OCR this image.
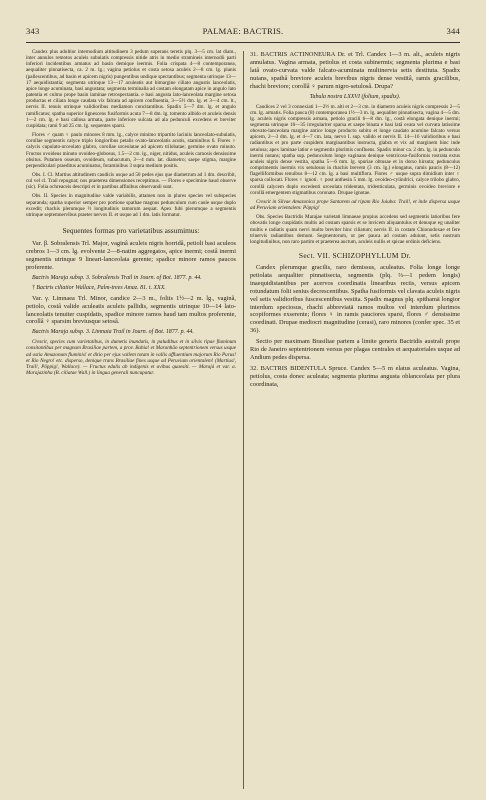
343	PALMAE: BACTRIS.	344

Caudex plus adultior internodium altitudinem 3 pedum superans teretis plq. 3—5 cm. lat diam., inter annulos remotos aculeis subulatis compressis nitide atris in medio stramineis internodii parti inferiori incidentibus armatus ad basin demique leermis. Folia crispata 4—8 contemporanea, aequaliter pinnatisecta, ca. 2 m. lg.; vagina petiolus et costa setosa aculeis 2—8 cm. lg. planis (pallescentibus, ad basin et apicem nigris) pungentibus undique spectantibus; segmenta utrinque 13—17 aequidistantia; segmenta utrinque 13—17 aculeatis aut bimargine ciliato angustis lanceolatis, apice longe acuminata, basi angustata; segmenta terminalia ad costam elongatam apice in angulo lato patentia et culmo prope basin laminae retrospectantia. e basi angusta lato-lanceolata margine setosa productas et ciliata longe caudata vix falcata ad apicem confluentia, 3—5½ dm. lg. et 3—4 cm. lt., nervis II. tenuis utrinque validioribus mediamon concitantibus. Spadix 5—7 dm. lg. et angulo ramificatus; spatha superior lignescens fusiformis acuta 7—8 dm. lg. tomento albido et aculeis densis 1—2 cm. lg. e basi callosa armata, parte inferiore sulcata ad ala pedunculi excedens et breviter cuspidata; rami 9 ad 25 cm. lg. sequentes sparsi.

Flores ♂ quam ♀ paulo minores 8 mm. lg., calyce minimo tripartito laciniis lanceolato-subulatis, corollae segmentis calyce triplo longioribus petalis ovato-lanceolatis acutis, staminibus 6. Flores ♀ calycis cupulato-urceolato glabro, corollae urceolatae ad apicem trilobatae; germine ovato minuto. Fructus ovoideus minuto ovoideo-globosus, 1.5—2 cm. lg., niger, nitidus, aculeis carnosis densissime obsitus. Putamen osseum, ovoideum, subacutum, 3—4 mm. lat. diametro; saepe stigma, margine perpendiculari praeditus acuminatus, foraminibus 3 supra medium positis.

Obs. I. Cl. Martius altitudinem caudicis usque ad 50 pedes ejus que diametrum ad 1 dm. describit, cul vel cl. Trail repugnat; nos praeterea dimensiones receptimus. — Flores e specimine haud observe (sic). Folia ochreaceis descripti et in partibus affinibus observandi sunt.

Obs. II. Species in magnitudine valde variabilis, attamen non in plures species vel subspecies separanda; spatha superior semper pro portione spathae magnus pedunculum cum caule usque duplo excedit; rhachis plerumque ½ longitudinis ramorum aequat. Apex fubi plerumque a segmentis utrinque septemnervibus praeter nervos II. et usque ad 1 dm. latis formatur.

Sequentes formas pro varietatibus assumimus:

Var. β. Sobralensis Trl. Major, vaginâ aculeis nigris horridâ, petioli basi aculeos crebros 1—3 cm. lg. evolvente 2—8-natim aggregatos, apice inermi; costâ inermi segmentis utrinque 9 lineari-lanceolata gerente; spadice minore ramos paucos proferente.

Bactris Maraja subsp. 3. Sobralensis Trail in Journ. of Bot. 1877. p. 44.

† Bactris ciliatior Wallace, Palm-trees Amaz. 81. t. XXX.

Var. γ. Limnaea Trl. Minor, candice 2—3 m., foliis 1½—2 m. lg., vaginâ, petiolo, costâ valide aculeatis aculeis pallidis, segmentis utrinque 10—14 lato-lanceolatis tenuiter cuspidatis, spadice minore ramos haud tam multos proferente, corollâ ♀ sparsim breviusque setosâ.

Bactris Maraja subsp. 3. Limnaia Trail in Journ. of Bot. 1877. p. 44.

Crescit, species cum varietatibus, in dumetis inundatis, in paludibus et in silvis ripae fluminum consitantibus per magnam Brasiliae partem, a prov. Bahia! et Maranhão septentrionem versus usque ad ostia Amazonum fluminis! et ditio per ejus vallem totam in vallis affluentium majorum Rio Purus! et Rio Negro! etc. disperso, denique trans Brasiliae fines usque ad Peruviam orientalem! (Martius!, Trail!, Pöppig!, Wallace). — Fructus edulis ab indigenis et avibus quaesiti. — Marajá et var. a. Marajazinha (B. ciliatae Wall.) in lingua generali nuncupatur.

31. BACTRIS ACTINONEURA Dr. et Trl. Candex 1—3 m. alt., aculeis nigris annulatus. Vagina armata, petiolus et costa subinermis; segmenta plurima e basi latâ ovato-curvata valde falcato-acuminata multinervia setis destituta. Spadix nutans, spathâ breviore aculeis brevibus nigris dense vestitâ, ramis gracilibus, rhachi breviore; corollâ ♀ parum nigro-setulosâ. Drupa?

Tabula nostra LXXVI (folium, spadix).

Caudices 2 vel 3 connexiati 1—2½ m. alti et 2—3 cm. in diametro aculeis nigris compressis 2—5 cm. lg. armatis. Folia pauca (8) contemporanea 1½—3 m. lg. aequaliter pinnatisecta, vagina 4—5 dm. lg. aculeis nigris compressis armata, petiolo gracili 6—8 dm. lg., costâ elongata denique inermi; segmenta utrinque 16—35 irregulariter sparsa et saepe binata e basi latâ ovata vel curvata latissime obovato-lanceolata margine antice longe producto subito et longe caudato acumine falcato versus apicem, 2—3 dm. lg. et 4—7 cm. lata, nervo I. sup. valido et nervis II. 14—16 validioribus e basi radiantibus et pro parte cuspidem marginantibus instructa, glabra et vix ad marginem hinc inde setulosa; apex laminae latior e segmentis plurimis confluens. Spadix minor ca. 2 dm. lg. in pedunculo inermi nutans; spatha sup. pedunculum longe vaginans denique ventricoso-fusiformis rostrata extus aculeis nigris dense vestita, spatha 5—6 mm. lg. spuriae obtusae et in dorso hirsuta; pedunculus comprimentis inermis vix setulosus in rhachis brevem (3 cm. lg.) elongatus, ramis paucis (8—12) flagelliformibus tenuibus 8—12 cm. lg. a basi multiflora. Flores ♂ usque supra dimidium inter ♀ sparsa collocati. Flores ♀ ignoti. ♀ post anthesin 5 mm. lg. ovoideo-cylindrici, calyce trilobo glabro, corollâ calycem duplo excedenti urceolata tridentata, tridenticulata, germinis ovoideo breviore e corollâ emergentem stigmatibus coronato. Drupae ignotae.

Crescit in Silvae Amazonica prope Santarem ad ripam Rio Juiuba: Trail!, et inde dispersa usque ad Peruviam orientalem: Pöppig!

Obs. Species Bactridis Marajae varietati limnaeae propius accedens sed segmentis latioribus fere obovatis longe cuspidatis multis ad costam sparsis et se invicem aliquantulus et denuque eg unaliter multis e radiatis quam nervi multo breviter hinc ciliatum; nervis II. in costam Chionodoxae et fere trinervis radiantibus demum. Segmentorum, ut per pauca ad costam aduiunt, setis nostrum longitudinibus, non raro partim et praeterea auctum, aculeis nullis et spicae ordinis deficiens.

Sect. VII. SCHIZOPHYLLUM Dr.

Candex plerumque gracilis, raro demissus, aculeatus. Folia longe longe petiolata aequaliter pinnatisecta, segmentis (plq. ⅔—1 pedem longis) inaequidistantibus per acervos coordinatis linearibus rectis, versus apicem rotundatum folii senius decrescentibus. Spatha fusiformis vel clavata aculeis nigris vel setis validioribus fuscescentibus vestita. Spadix magnus plq. spithamā longior interdum speciosus, rhachi abbreviatā ramos multos vel interdum plurimos scopiformes exserente; flores ♀ in ramis pauciores sparsi, flores ♂ densissime coordinati. Drupae mediocri magnitudine (cerasi), raro minores (confer spec. 35 et 36).

Sectio per maximam Brasiliae partem a limite generis Bactridis australi prope Rio de Janeiro septentrionem versus per plagas centrales et aequatoriales usque ad Andium pedes dispersa.

32. BACTRIS BIDENTULA Spruce. Candex 5—5 m elatus aculeatus. Vagina, petiolus, costa donec aculeata; segmenta plurima angusta oblanceolata per plura coordinata,
